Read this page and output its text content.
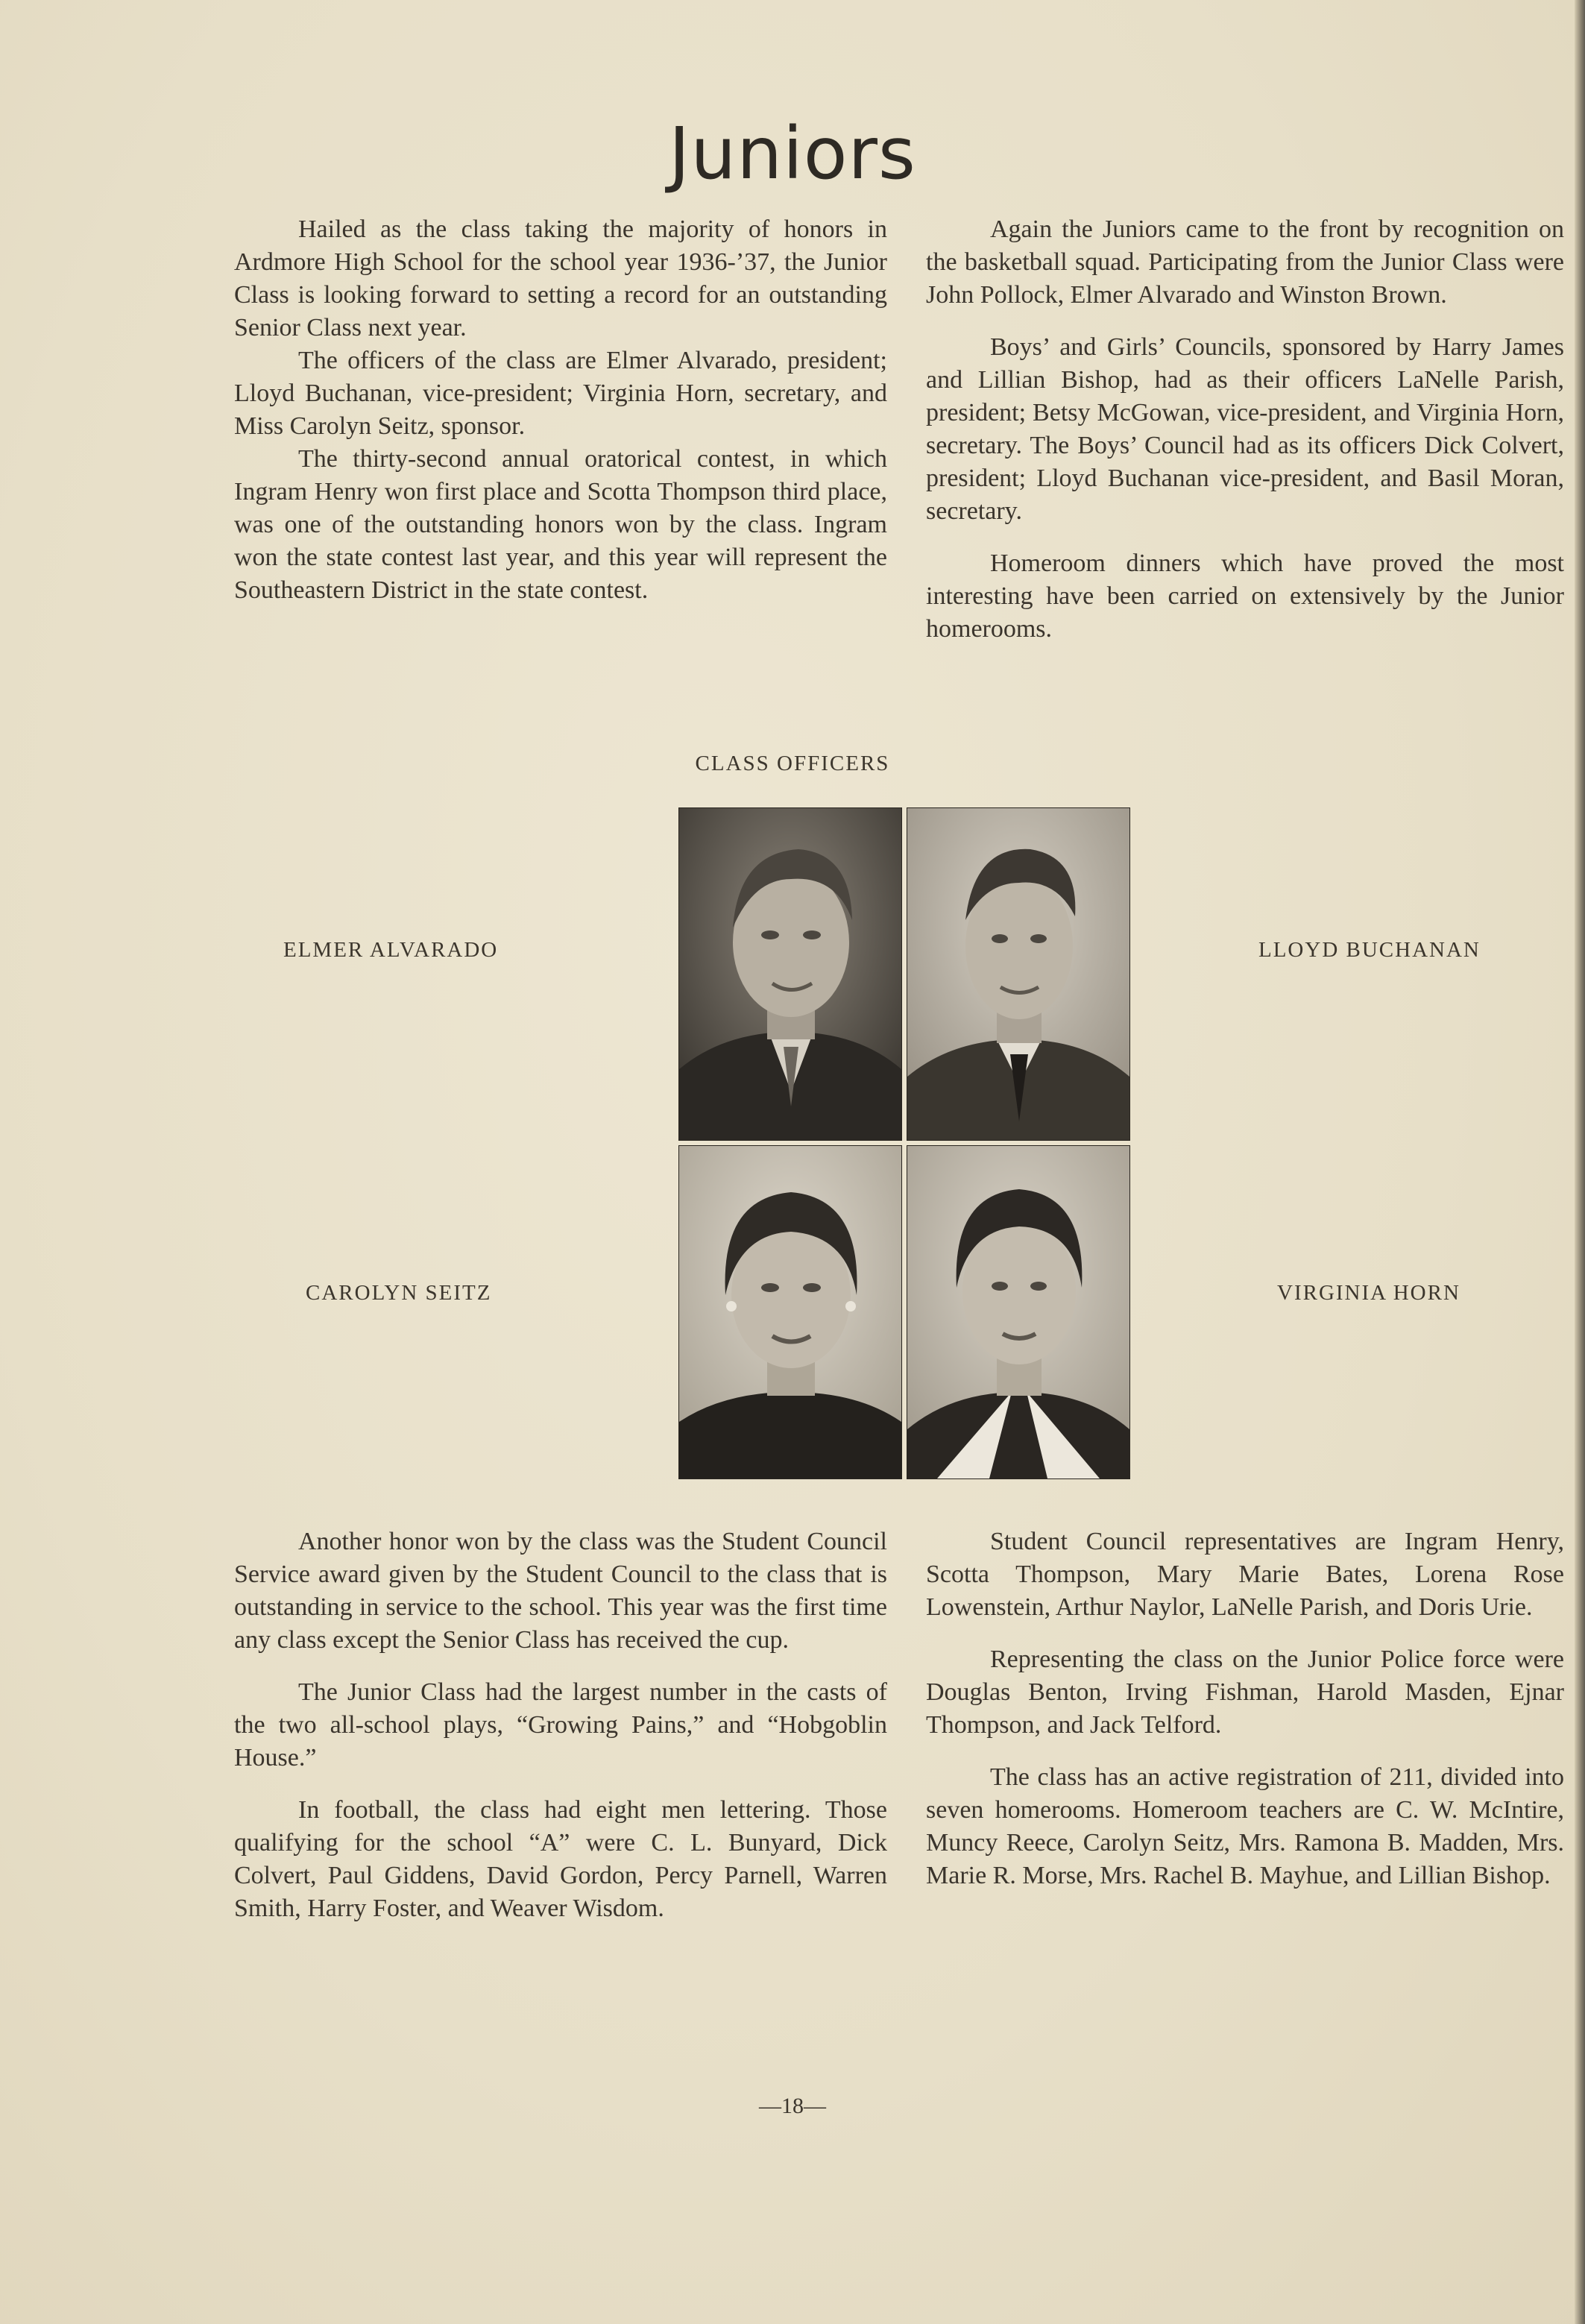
Juniors

Hailed as the class taking the majority of honors in Ardmore High School for the school year 1936-’37, the Junior Class is looking forward to setting a record for an outstanding Senior Class next year.

The officers of the class are Elmer Alvarado, president; Lloyd Buchanan, vice-president; Virginia Horn, secretary, and Miss Carolyn Seitz, sponsor.

The thirty-second annual oratorical contest, in which Ingram Henry won first place and Scotta Thompson third place, was one of the outstanding honors won by the class. Ingram won the state contest last year, and this year will represent the Southeastern District in the state contest.

Again the Juniors came to the front by recognition on the basketball squad. Participating from the Junior Class were John Pollock, Elmer Alvarado and Winston Brown.

Boys’ and Girls’ Councils, sponsored by Harry James and Lillian Bishop, had as their officers LaNelle Parish, president; Betsy McGowan, vice-president, and Virginia Horn, secretary. The Boys’ Council had as its officers Dick Colvert, president; Lloyd Buchanan vice-president, and Basil Moran, secretary.

Homeroom dinners which have proved the most interesting have been carried on extensively by the Junior homerooms.

CLASS OFFICERS
ELMER ALVARADO	LLOYD BUCHANAN
CAROLYN SEITZ	VIRGINIA HORN

Another honor won by the class was the Student Council Service award given by the Student Council to the class that is outstanding in service to the school. This year was the first time any class except the Senior Class has received the cup.

The Junior Class had the largest number in the casts of the two all-school plays, “Growing Pains,” and “Hobgoblin House.”

In football, the class had eight men lettering. Those qualifying for the school “A” were C. L. Bunyard, Dick Colvert, Paul Giddens, David Gordon, Percy Parnell, Warren Smith, Harry Foster, and Weaver Wisdom.

Student Council representatives are Ingram Henry, Scotta Thompson, Mary Marie Bates, Lorena Rose Lowenstein, Arthur Naylor, LaNelle Parish, and Doris Urie.

Representing the class on the Junior Police force were Douglas Benton, Irving Fishman, Harold Masden, Ejnar Thompson, and Jack Telford.

The class has an active registration of 211, divided into seven homerooms. Homeroom teachers are C. W. McIntire, Muncy Reece, Carolyn Seitz, Mrs. Ramona B. Madden, Mrs. Marie R. Morse, Mrs. Rachel B. Mayhue, and Lillian Bishop.

—18—
